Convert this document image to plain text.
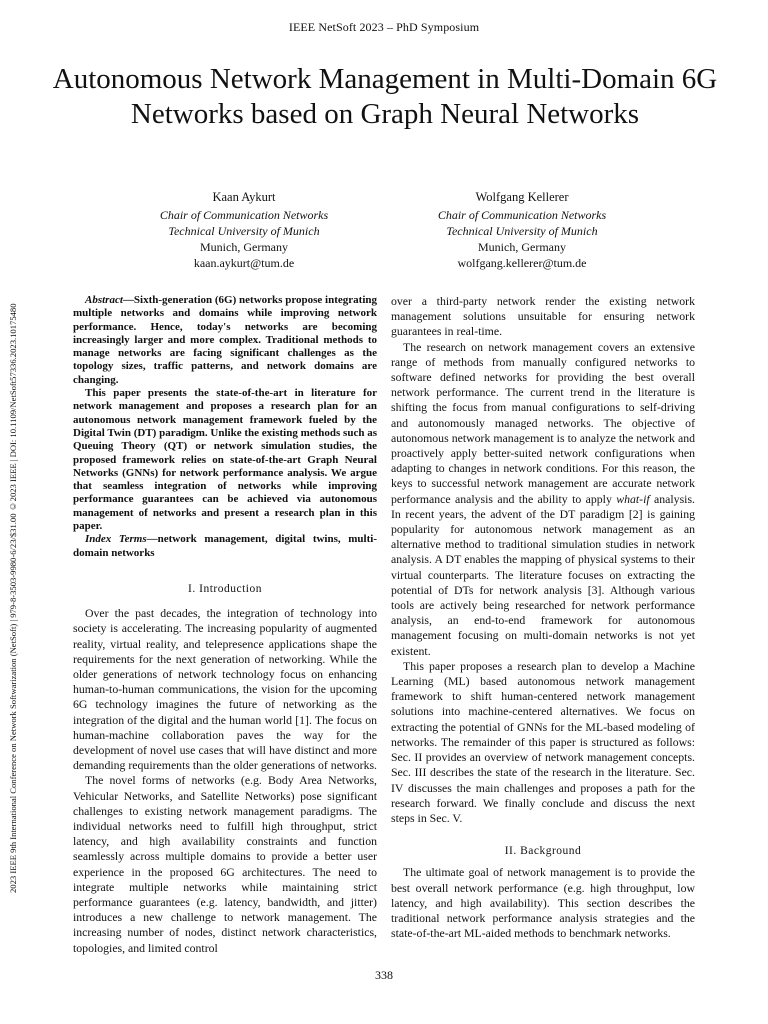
IEEE NetSoft 2023 – PhD Symposium
2023 IEEE 9th International Conference on Network Softwarization (NetSoft) | 979-8-3503-9980-6/23/$31.00 ©2023 IEEE | DOI: 10.1109/NetSoft57336.2023.10175480
Autonomous Network Management in Multi-Domain 6G Networks based on Graph Neural Networks
Kaan Aykurt
Chair of Communication Networks
Technical University of Munich
Munich, Germany
kaan.aykurt@tum.de
Wolfgang Kellerer
Chair of Communication Networks
Technical University of Munich
Munich, Germany
wolfgang.kellerer@tum.de

Abstract—Sixth-generation (6G) networks propose integrating multiple networks and domains while improving network performance. Hence, today's networks are becoming increasingly larger and more complex. Traditional methods to manage networks are facing significant challenges as the topology sizes, traffic patterns, and network domains are changing.

This paper presents the state-of-the-art in literature for network management and proposes a research plan for an autonomous network management framework fueled by the Digital Twin (DT) paradigm. Unlike the existing methods such as Queuing Theory (QT) or network simulation studies, the proposed framework relies on state-of-the-art Graph Neural Networks (GNNs) for network performance analysis. We argue that seamless integration of networks while improving performance guarantees can be achieved via autonomous management of networks and present a research plan in this paper.

Index Terms—network management, digital twins, multi-domain networks

I. Introduction

Over the past decades, the integration of technology into society is accelerating. The increasing popularity of augmented reality, virtual reality, and telepresence applications shape the requirements for the next generation of networking. While the older generations of network technology focus on enhancing human-to-human communications, the vision for the upcoming 6G technology imagines the future of networking as the integration of the digital and the human world [1]. The focus on human-machine collaboration paves the way for the development of novel use cases that will have distinct and more demanding requirements than the older generations of networks.

The novel forms of networks (e.g. Body Area Networks, Vehicular Networks, and Satellite Networks) pose significant challenges to existing network management paradigms. The individual networks need to fulfill high throughput, strict latency, and high availability constraints and function seamlessly across multiple domains to provide a better user experience in the proposed 6G architectures. The need to integrate multiple networks while maintaining strict performance guarantees (e.g. latency, bandwidth, and jitter) introduces a new challenge to network management. The increasing number of nodes, distinct network characteristics, topologies, and limited control

over a third-party network render the existing network management solutions unsuitable for ensuring network guarantees in real-time.

The research on network management covers an extensive range of methods from manually configured networks to software defined networks for providing the best overall network performance. The current trend in the literature is shifting the focus from manual configurations to self-driving and autonomously managed networks. The objective of autonomous network management is to analyze the network and proactively apply better-suited network configurations when adapting to changes in network conditions. For this reason, the keys to successful network management are accurate network performance analysis and the ability to apply what-if analysis. In recent years, the advent of the DT paradigm [2] is gaining popularity for autonomous network management as an alternative method to traditional simulation studies in network analysis. A DT enables the mapping of physical systems to their virtual counterparts. The literature focuses on extracting the potential of DTs for network analysis [3]. Although various tools are actively being researched for network performance analysis, an end-to-end framework for autonomous management focusing on multi-domain networks is not yet existent.

This paper proposes a research plan to develop a Machine Learning (ML) based autonomous network management framework to shift human-centered network management solutions into machine-centered alternatives. We focus on extracting the potential of GNNs for the ML-based modeling of networks. The remainder of this paper is structured as follows: Sec. II provides an overview of network management concepts. Sec. III describes the state of the research in the literature. Sec. IV discusses the main challenges and proposes a path for the research forward. We finally conclude and discuss the next steps in Sec. V.

II. Background

The ultimate goal of network management is to provide the best overall network performance (e.g. high throughput, low latency, and high availability). This section describes the traditional network performance analysis strategies and the state-of-the-art ML-aided methods to benchmark networks.

338
